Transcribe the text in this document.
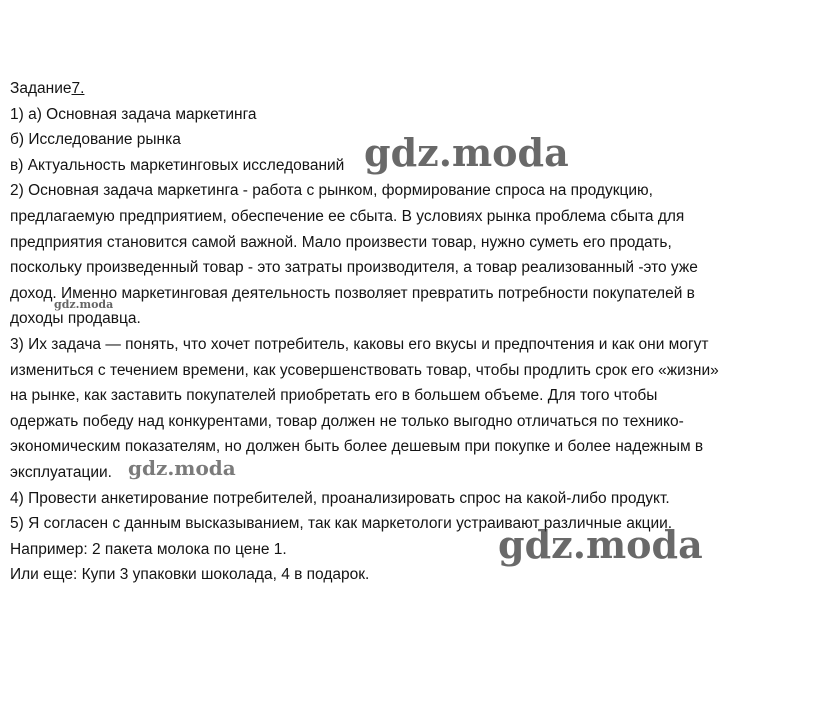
Задание7.
1) а) Основная задача маркетинга
б) Исследование рынка
в) Актуальность маркетинговых исследований
2) Основная задача маркетинга - работа с рынком, формирование спроса на продукцию,
предлагаемую предприятием, обеспечение ее сбыта. В условиях рынка проблема сбыта для
предприятия становится самой важной. Мало произвести товар, нужно суметь его продать,
поскольку произведенный товар - это затраты производителя, а товар реализованный -это уже
доход. Именно маркетинговая деятельность позволяет превратить потребности покупателей в
доходы продавца.
3) Их задача — понять, что хочет потребитель, каковы его вкусы и предпочтения и как они могут
измениться с течением времени, как усовершенствовать товар, чтобы продлить срок его «жизни»
на рынке, как заставить покупателей приобретать его в большем объеме. Для того чтобы
одержать победу над конкурентами, товар должен не только выгодно отличаться по технико-
экономическим показателям, но должен быть более дешевым при покупке и более надежным в
эксплуатации.
4) Провести анкетирование потребителей, проанализировать спрос на какой-либо продукт.
5) Я согласен с данным высказыванием, так как маркетологи устраивают различные акции.
Например: 2 пакета молока по цене 1.
Или еще: Купи 3 упаковки шоколада, 4 в подарок.
gdz.moda
gdz.moda
gdz.moda
gdz.moda
